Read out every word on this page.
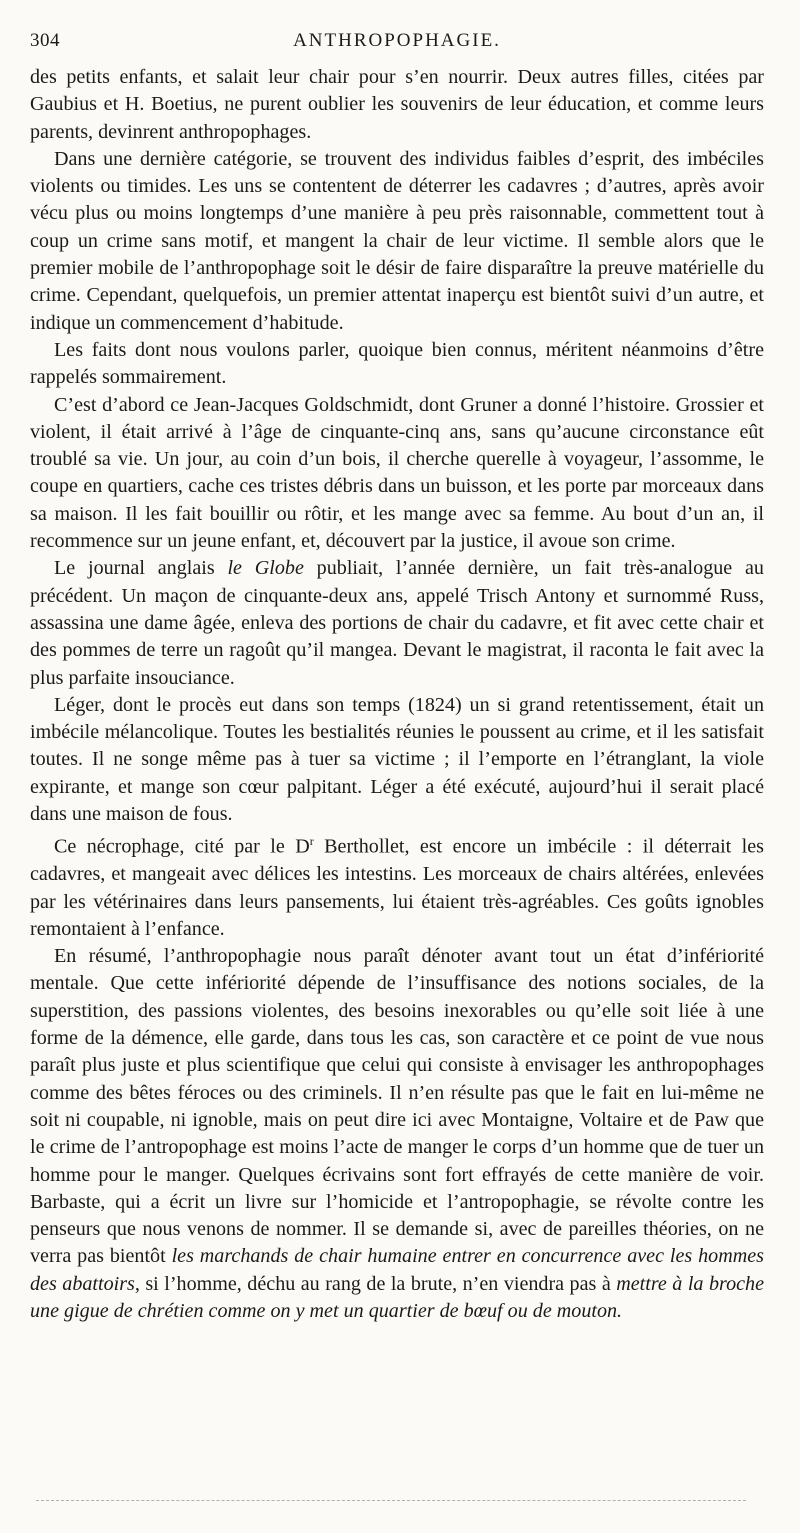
304	ANTHROPOPHAGIE.

des petits enfants, et salait leur chair pour s’en nourrir. Deux autres filles, citées par Gaubius et H. Boetius, ne purent oublier les souvenirs de leur éducation, et comme leurs parents, devinrent anthropophages.

Dans une dernière catégorie, se trouvent des individus faibles d’esprit, des imbéciles violents ou timides. Les uns se contentent de déterrer les cadavres ; d’autres, après avoir vécu plus ou moins longtemps d’une manière à peu près raisonnable, commettent tout à coup un crime sans motif, et mangent la chair de leur victime. Il semble alors que le premier mobile de l’anthropophage soit le désir de faire disparaître la preuve matérielle du crime. Cependant, quelquefois, un premier attentat inaperçu est bientôt suivi d’un autre, et indique un commencement d’habitude.

Les faits dont nous voulons parler, quoique bien connus, méritent néanmoins d’être rappelés sommairement.

C’est d’abord ce Jean-Jacques Goldschmidt, dont Gruner a donné l’histoire. Grossier et violent, il était arrivé à l’âge de cinquante-cinq ans, sans qu’aucune circonstance eût troublé sa vie. Un jour, au coin d’un bois, il cherche querelle à voyageur, l’assomme, le coupe en quartiers, cache ces tristes débris dans un buisson, et les porte par morceaux dans sa maison. Il les fait bouillir ou rôtir, et les mange avec sa femme. Au bout d’un an, il recommence sur un jeune enfant, et, découvert par la justice, il avoue son crime.

Le journal anglais le Globe publiait, l’année dernière, un fait très-analogue au précédent. Un maçon de cinquante-deux ans, appelé Trisch Antony et surnommé Russ, assassina une dame âgée, enleva des portions de chair du cadavre, et fit avec cette chair et des pommes de terre un ragoût qu’il mangea. Devant le magistrat, il raconta le fait avec la plus parfaite insouciance.

Léger, dont le procès eut dans son temps (1824) un si grand retentissement, était un imbécile mélancolique. Toutes les bestialités réunies le poussent au crime, et il les satisfait toutes. Il ne songe même pas à tuer sa victime ; il l’emporte en l’étranglant, la viole expirante, et mange son cœur palpitant. Léger a été exécuté, aujourd’hui il serait placé dans une maison de fous.

Ce nécrophage, cité par le $D^r$ Berthollet, est encore un imbécile : il déterrait les cadavres, et mangeait avec délices les intestins. Les morceaux de chairs altérées, enlevées par les vétérinaires dans leurs pansements, lui étaient très-agréables. Ces goûts ignobles remontaient à l’enfance.

En résumé, l’anthropophagie nous paraît dénoter avant tout un état d’infériorité mentale. Que cette infériorité dépende de l’insuffisance des notions sociales, de la superstition, des passions violentes, des besoins inexorables ou qu’elle soit liée à une forme de la démence, elle garde, dans tous les cas, son caractère et ce point de vue nous paraît plus juste et plus scientifique que celui qui consiste à envisager les anthropophages comme des bêtes féroces ou des criminels. Il n’en résulte pas que le fait en lui-même ne soit ni coupable, ni ignoble, mais on peut dire ici avec Montaigne, Voltaire et de Paw que le crime de l’antropophage est moins l’acte de manger le corps d’un homme que de tuer un homme pour le manger. Quelques écrivains sont fort effrayés de cette manière de voir. Barbaste, qui a écrit un livre sur l’homicide et l’antropophagie, se révolte contre les penseurs que nous venons de nommer. Il se demande si, avec de pareilles théories, on ne verra pas bientôt les marchands de chair humaine entrer en concurrence avec les hommes des abattoirs, si l’homme, déchu au rang de la brute, n’en viendra pas à mettre à la broche une gigue de chrétien comme on y met un quartier de bœuf ou de mouton.
